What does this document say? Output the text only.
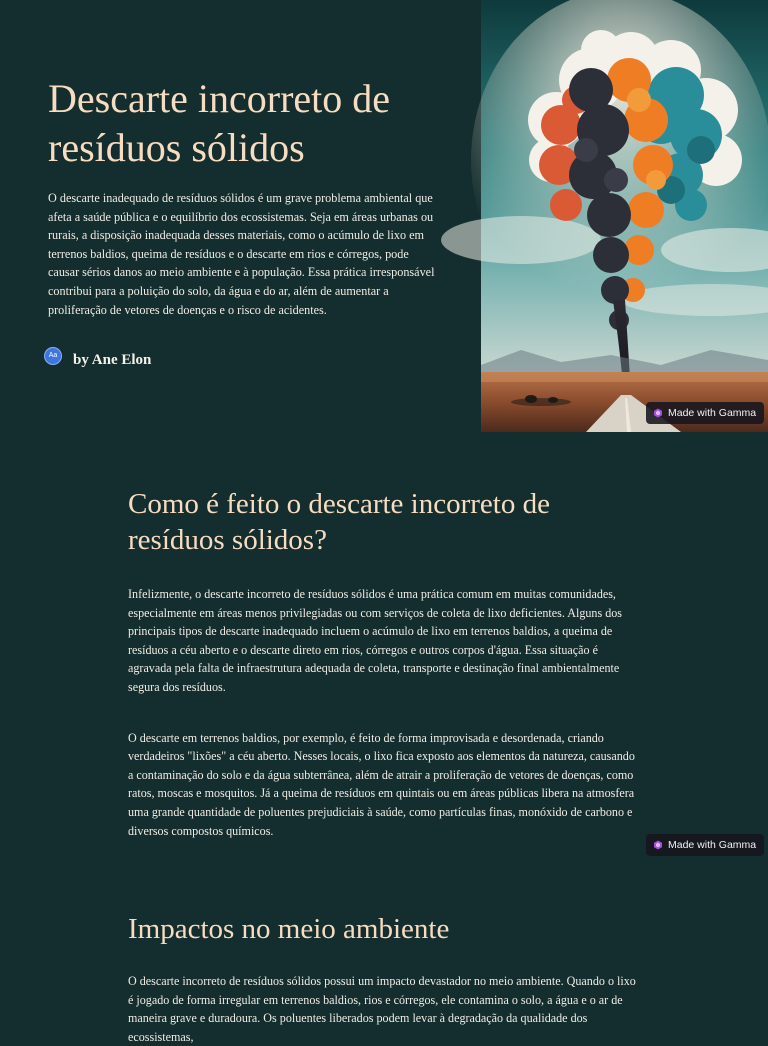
Descarte incorreto de resíduos sólidos

O descarte inadequado de resíduos sólidos é um grave problema ambiental que afeta a saúde pública e o equilíbrio dos ecossistemas. Seja em áreas urbanas ou rurais, a disposição inadequada desses materiais, como o acúmulo de lixo em terrenos baldios, queima de resíduos e o descarte em rios e córregos, pode causar sérios danos ao meio ambiente e à população. Essa prática irresponsável contribui para a poluição do solo, da água e do ar, além de aumentar a proliferação de vetores de doenças e o risco de acidentes.

Aa	by Ane Elon
Made with Gamma
Como é feito o descarte incorreto de resíduos sólidos?

Infelizmente, o descarte incorreto de resíduos sólidos é uma prática comum em muitas comunidades, especialmente em áreas menos privilegiadas ou com serviços de coleta de lixo deficientes. Alguns dos principais tipos de descarte inadequado incluem o acúmulo de lixo em terrenos baldios, a queima de resíduos a céu aberto e o descarte direto em rios, córregos e outros corpos d'água. Essa situação é agravada pela falta de infraestrutura adequada de coleta, transporte e destinação final ambientalmente segura dos resíduos.

O descarte em terrenos baldios, por exemplo, é feito de forma improvisada e desordenada, criando verdadeiros "lixões" a céu aberto. Nesses locais, o lixo fica exposto aos elementos da natureza, causando a contaminação do solo e da água subterrânea, além de atrair a proliferação de vetores de doenças, como ratos, moscas e mosquitos. Já a queima de resíduos em quintais ou em áreas públicas libera na atmosfera uma grande quantidade de poluentes prejudiciais à saúde, como partículas finas, monóxido de carbono e diversos compostos químicos.

Made with Gamma
Impactos no meio ambiente

O descarte incorreto de resíduos sólidos possui um impacto devastador no meio ambiente. Quando o lixo é jogado de forma irregular em terrenos baldios, rios e córregos, ele contamina o solo, a água e o ar de maneira grave e duradoura. Os poluentes liberados podem levar à degradação da qualidade dos ecossistemas,
